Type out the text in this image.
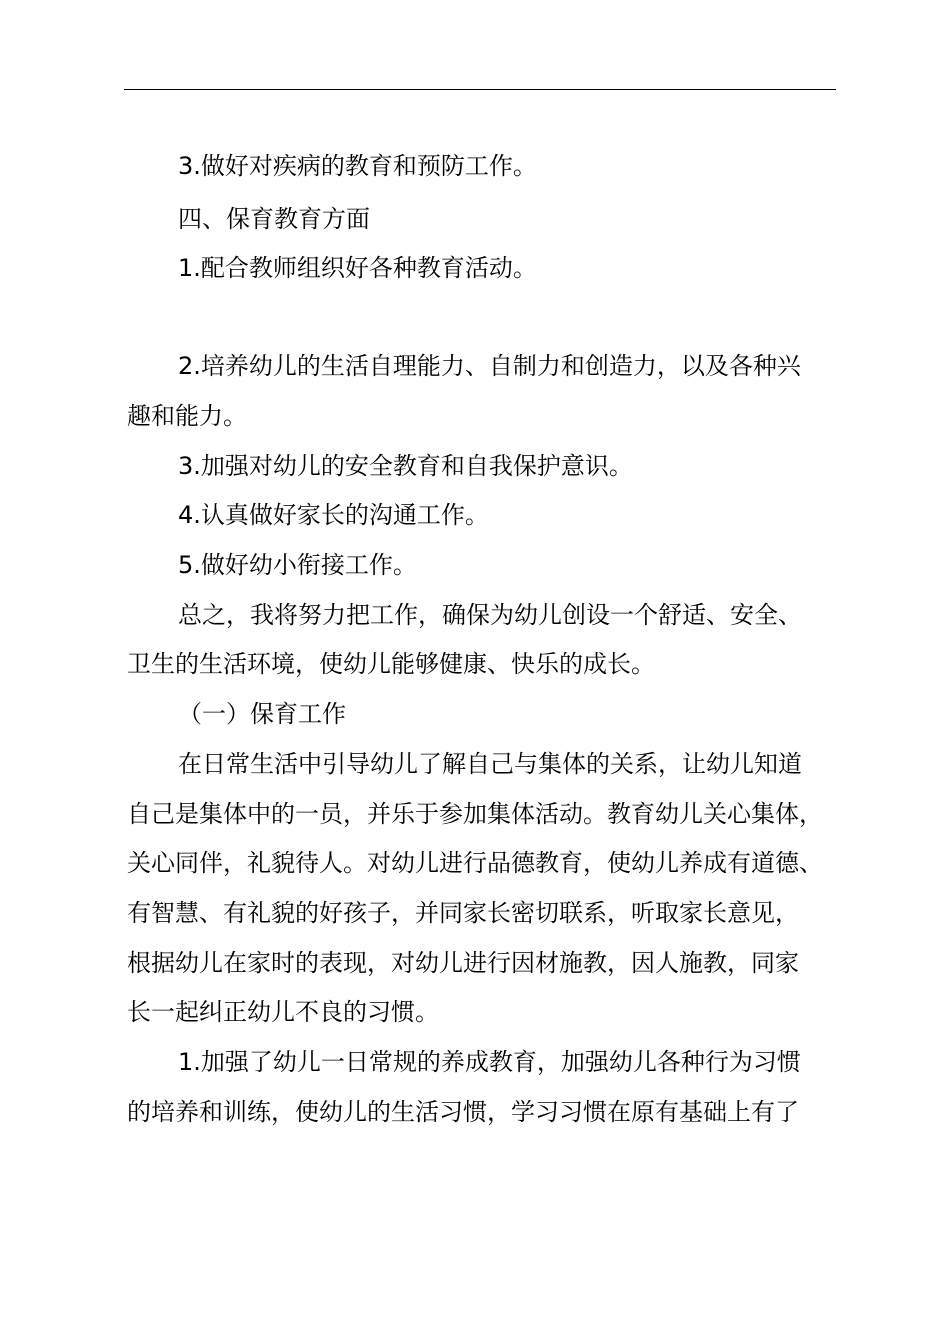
3.做好对疾病的教育和预防工作。
四、保育教育方面
1.配合教师组织好各种教育活动。
2.培养幼儿的生活自理能力、自制力和创造力，以及各种兴
趣和能力。
3.加强对幼儿的安全教育和自我保护意识。
4.认真做好家长的沟通工作。
5.做好幼小衔接工作。
总之，我将努力把工作，确保为幼儿创设一个舒适、安全、
卫生的生活环境，使幼儿能够健康、快乐的成长。
（一）保育工作
在日常生活中引导幼儿了解自己与集体的关系，让幼儿知道
自己是集体中的一员，并乐于参加集体活动。教育幼儿关心集体，
关心同伴，礼貌待人。对幼儿进行品德教育，使幼儿养成有道德、
有智慧、有礼貌的好孩子，并同家长密切联系，听取家长意见，
根据幼儿在家时的表现，对幼儿进行因材施教，因人施教，同家
长一起纠正幼儿不良的习惯。
1.加强了幼儿一日常规的养成教育，加强幼儿各种行为习惯
的培养和训练，使幼儿的生活习惯，学习习惯在原有基础上有了
